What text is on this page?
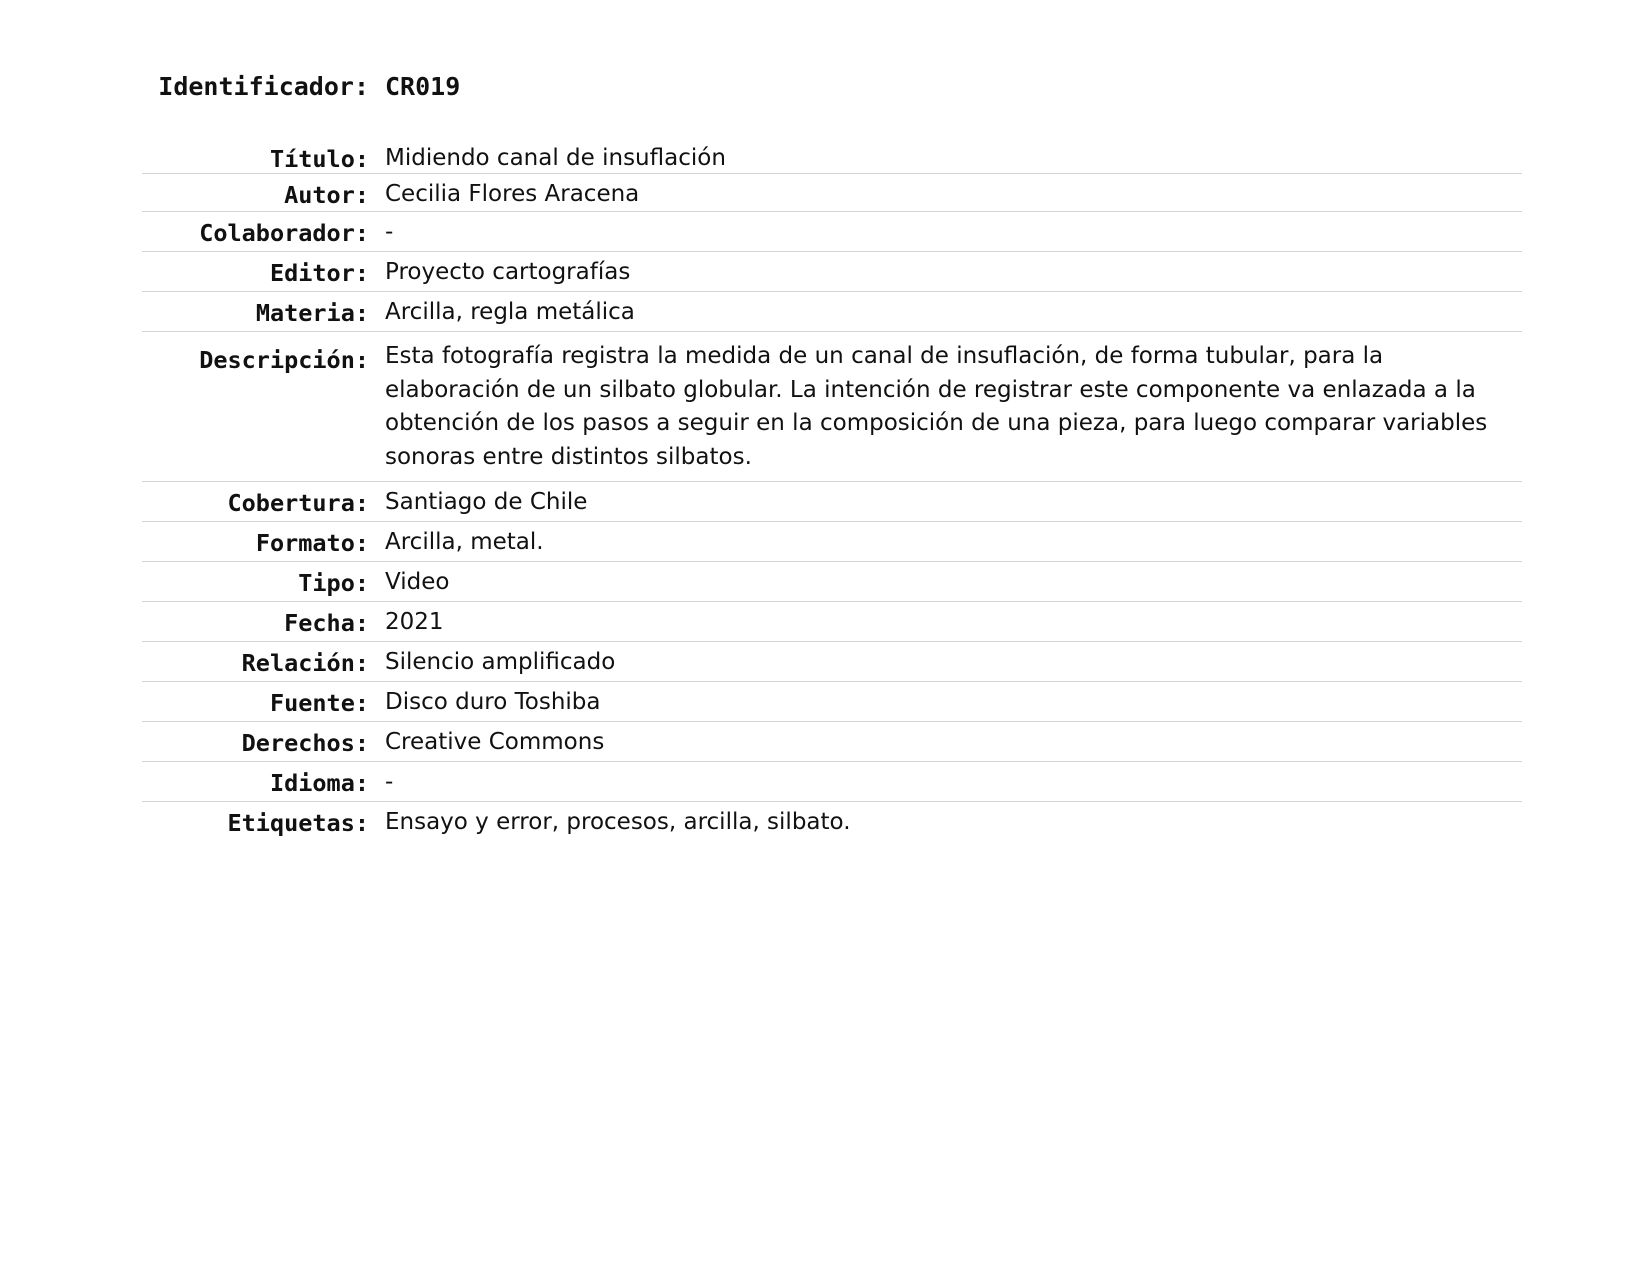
Identificador: CR019
Título: Midiendo canal de insuflación
Autor: Cecilia Flores Aracena
Colaborador: -
Editor: Proyecto cartografías
Materia: Arcilla, regla metálica
Descripción: Esta fotografía registra la medida de un canal de insuflación, de forma tubular, para la elaboración de un silbato globular. La intención de registrar este componente va enlazada a la obtención de los pasos a seguir en la composición de una pieza, para luego comparar variables sonoras entre distintos silbatos.
Cobertura: Santiago de Chile
Formato: Arcilla, metal.
Tipo: Video
Fecha: 2021
Relación: Silencio amplificado
Fuente: Disco duro Toshiba
Derechos: Creative Commons
Idioma: -
Etiquetas: Ensayo y error, procesos, arcilla, silbato.
